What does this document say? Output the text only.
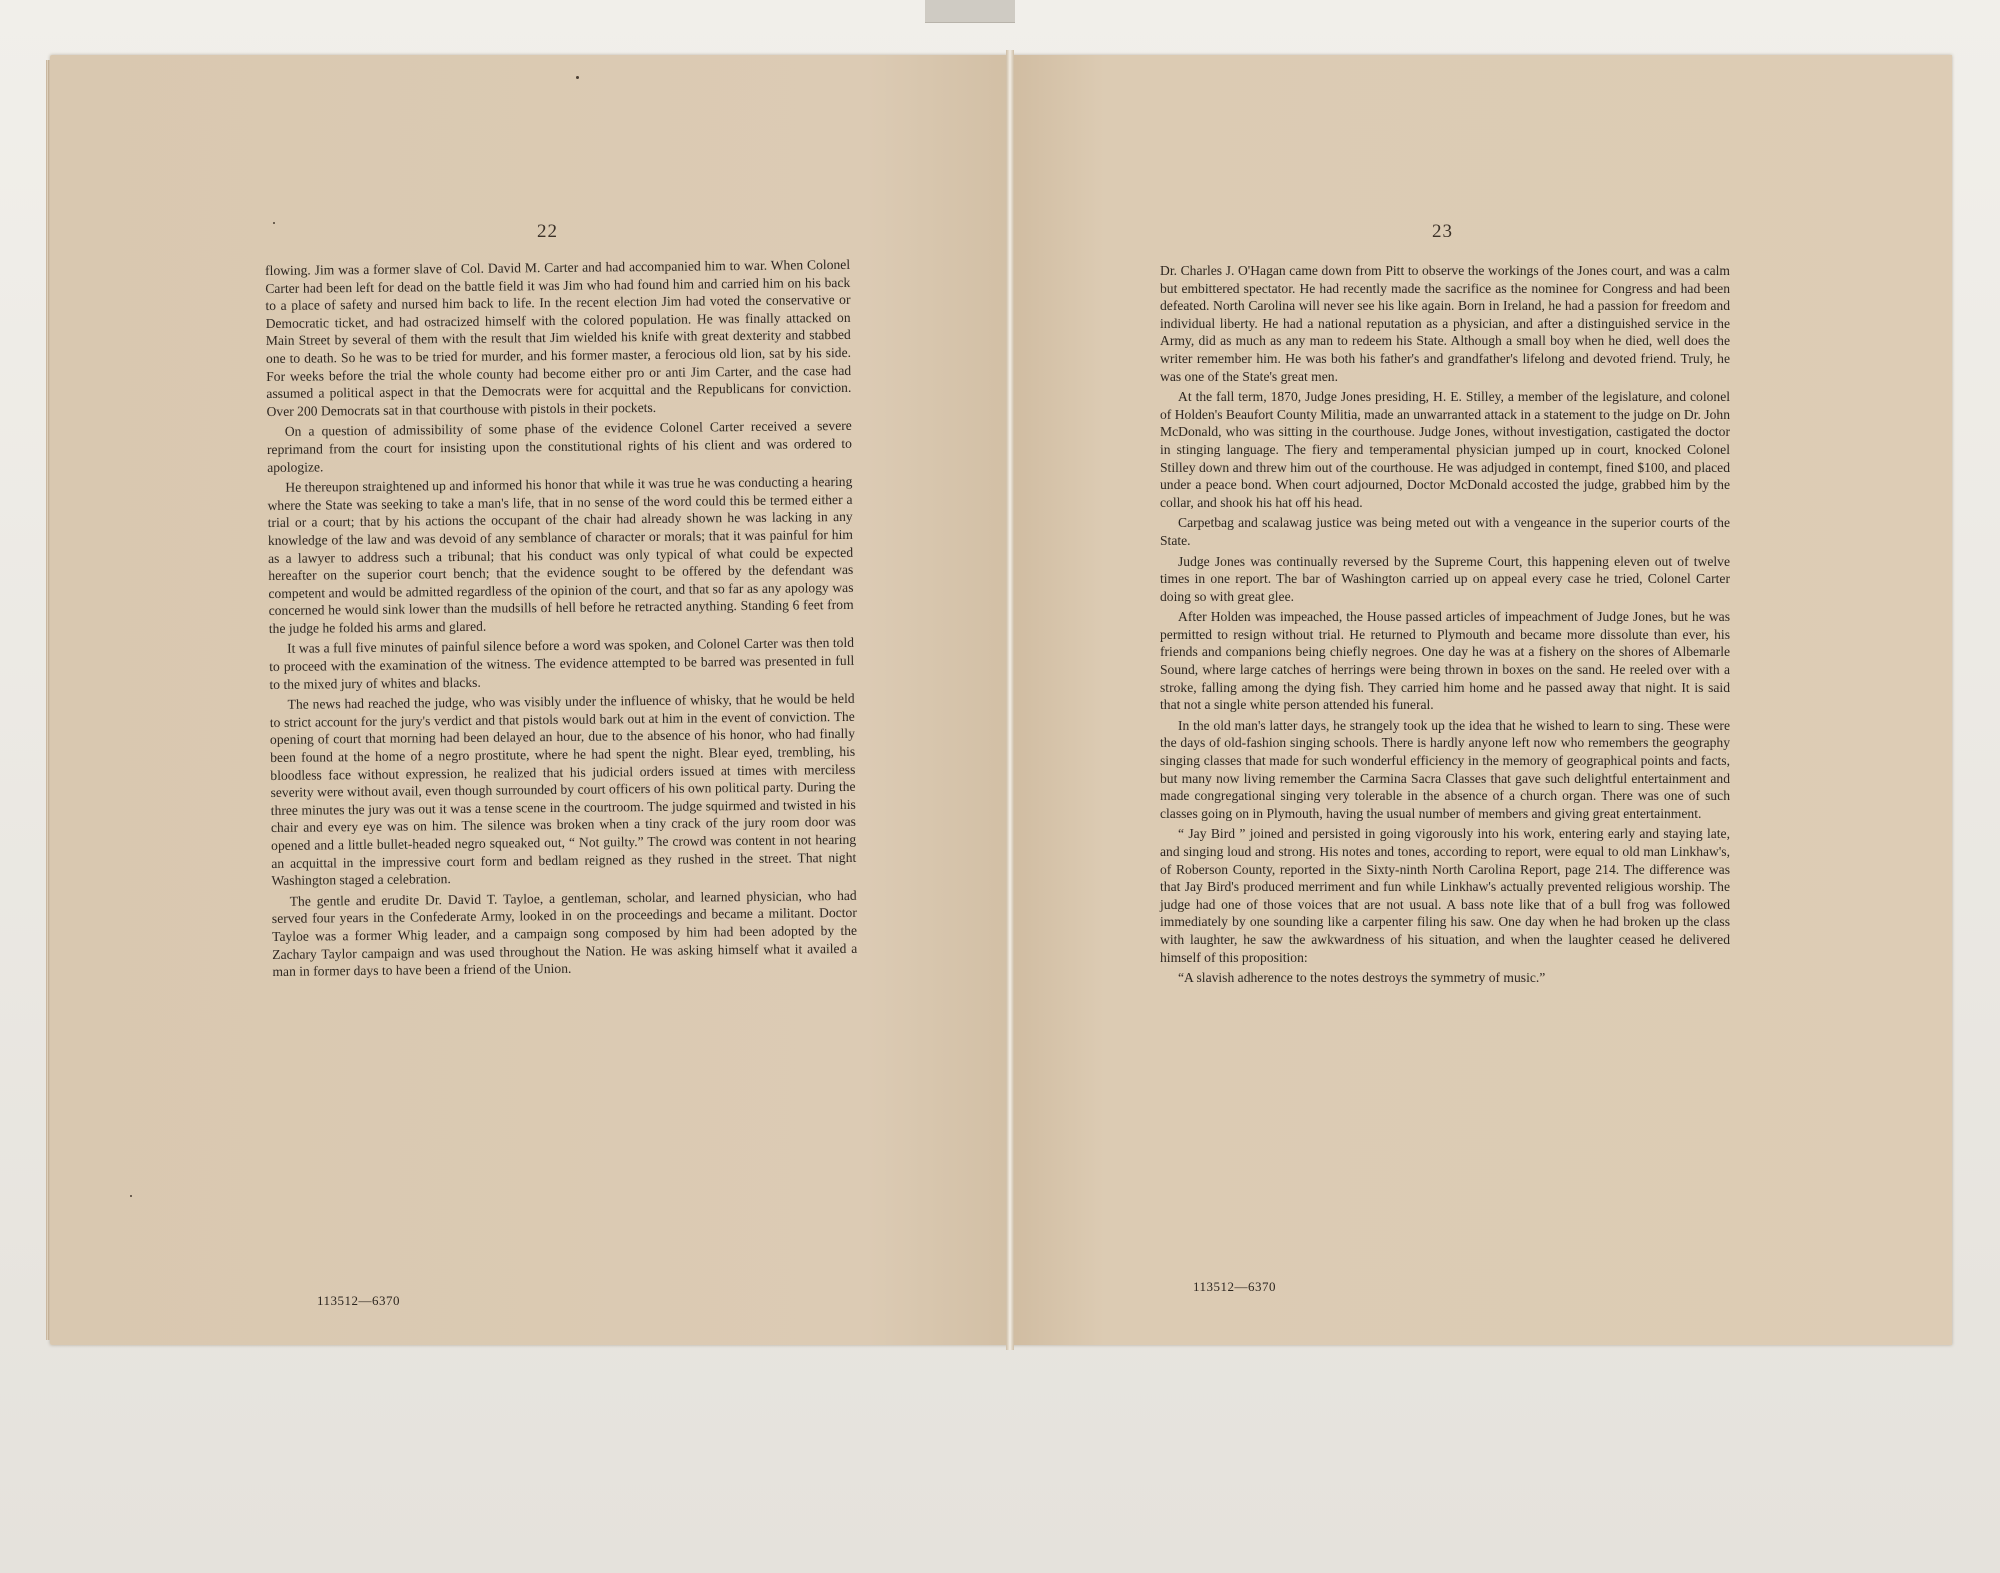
22

flowing. Jim was a former slave of Col. David M. Carter and had accompanied him to war. When Colonel Carter had been left for dead on the battle field it was Jim who had found him and carried him on his back to a place of safety and nursed him back to life. In the recent election Jim had voted the conservative or Democratic ticket, and had ostracized himself with the colored population. He was finally attacked on Main Street by several of them with the result that Jim wielded his knife with great dexterity and stabbed one to death. So he was to be tried for murder, and his former master, a ferocious old lion, sat by his side. For weeks before the trial the whole county had become either pro or anti Jim Carter, and the case had assumed a political aspect in that the Democrats were for acquittal and the Republicans for conviction. Over 200 Democrats sat in that courthouse with pistols in their pockets.

On a question of admissibility of some phase of the evidence Colonel Carter received a severe reprimand from the court for insisting upon the constitutional rights of his client and was ordered to apologize.

He thereupon straightened up and informed his honor that while it was true he was conducting a hearing where the State was seeking to take a man's life, that in no sense of the word could this be termed either a trial or a court; that by his actions the occupant of the chair had already shown he was lacking in any knowledge of the law and was devoid of any semblance of character or morals; that it was painful for him as a lawyer to address such a tribunal; that his conduct was only typical of what could be expected hereafter on the superior court bench; that the evidence sought to be offered by the defendant was competent and would be admitted regardless of the opinion of the court, and that so far as any apology was concerned he would sink lower than the mudsills of hell before he retracted anything. Standing 6 feet from the judge he folded his arms and glared.

It was a full five minutes of painful silence before a word was spoken, and Colonel Carter was then told to proceed with the examination of the witness. The evidence attempted to be barred was presented in full to the mixed jury of whites and blacks.

The news had reached the judge, who was visibly under the influence of whisky, that he would be held to strict account for the jury's verdict and that pistols would bark out at him in the event of conviction. The opening of court that morning had been delayed an hour, due to the absence of his honor, who had finally been found at the home of a negro prostitute, where he had spent the night. Blear eyed, trembling, his bloodless face without expression, he realized that his judicial orders issued at times with merciless severity were without avail, even though surrounded by court officers of his own political party. During the three minutes the jury was out it was a tense scene in the courtroom. The judge squirmed and twisted in his chair and every eye was on him. The silence was broken when a tiny crack of the jury room door was opened and a little bullet-headed negro squeaked out, “ Not guilty.” The crowd was content in not hearing an acquittal in the impressive court form and bedlam reigned as they rushed in the street. That night Washington staged a celebration.

The gentle and erudite Dr. David T. Tayloe, a gentleman, scholar, and learned physician, who had served four years in the Confederate Army, looked in on the proceedings and became a militant. Doctor Tayloe was a former Whig leader, and a campaign song composed by him had been adopted by the Zachary Taylor campaign and was used throughout the Nation. He was asking himself what it availed a man in former days to have been a friend of the Union.

113512—6370
23

Dr. Charles J. O'Hagan came down from Pitt to observe the workings of the Jones court, and was a calm but embittered spectator. He had recently made the sacrifice as the nominee for Congress and had been defeated. North Carolina will never see his like again. Born in Ireland, he had a passion for freedom and individual liberty. He had a national reputation as a physician, and after a distinguished service in the Army, did as much as any man to redeem his State. Although a small boy when he died, well does the writer remember him. He was both his father's and grandfather's lifelong and devoted friend. Truly, he was one of the State's great men.

At the fall term, 1870, Judge Jones presiding, H. E. Stilley, a member of the legislature, and colonel of Holden's Beaufort County Militia, made an unwarranted attack in a statement to the judge on Dr. John McDonald, who was sitting in the courthouse. Judge Jones, without investigation, castigated the doctor in stinging language. The fiery and temperamental physician jumped up in court, knocked Colonel Stilley down and threw him out of the courthouse. He was adjudged in contempt, fined $100, and placed under a peace bond. When court adjourned, Doctor McDonald accosted the judge, grabbed him by the collar, and shook his hat off his head.

Carpetbag and scalawag justice was being meted out with a vengeance in the superior courts of the State.

Judge Jones was continually reversed by the Supreme Court, this happening eleven out of twelve times in one report. The bar of Washington carried up on appeal every case he tried, Colonel Carter doing so with great glee.

After Holden was impeached, the House passed articles of impeachment of Judge Jones, but he was permitted to resign without trial. He returned to Plymouth and became more dissolute than ever, his friends and companions being chiefly negroes. One day he was at a fishery on the shores of Albemarle Sound, where large catches of herrings were being thrown in boxes on the sand. He reeled over with a stroke, falling among the dying fish. They carried him home and he passed away that night. It is said that not a single white person attended his funeral.

In the old man's latter days, he strangely took up the idea that he wished to learn to sing. These were the days of old-fashion singing schools. There is hardly anyone left now who remembers the geography singing classes that made for such wonderful efficiency in the memory of geographical points and facts, but many now living remember the Carmina Sacra Classes that gave such delightful entertainment and made congregational singing very tolerable in the absence of a church organ. There was one of such classes going on in Plymouth, having the usual number of members and giving great entertainment.

“ Jay Bird ” joined and persisted in going vigorously into his work, entering early and staying late, and singing loud and strong. His notes and tones, according to report, were equal to old man Linkhaw's, of Roberson County, reported in the Sixty-ninth North Carolina Report, page 214. The difference was that Jay Bird's produced merriment and fun while Linkhaw's actually prevented religious worship. The judge had one of those voices that are not usual. A bass note like that of a bull frog was followed immediately by one sounding like a carpenter filing his saw. One day when he had broken up the class with laughter, he saw the awkwardness of his situation, and when the laughter ceased he delivered himself of this proposition:

“A slavish adherence to the notes destroys the symmetry of music.”

113512—6370
